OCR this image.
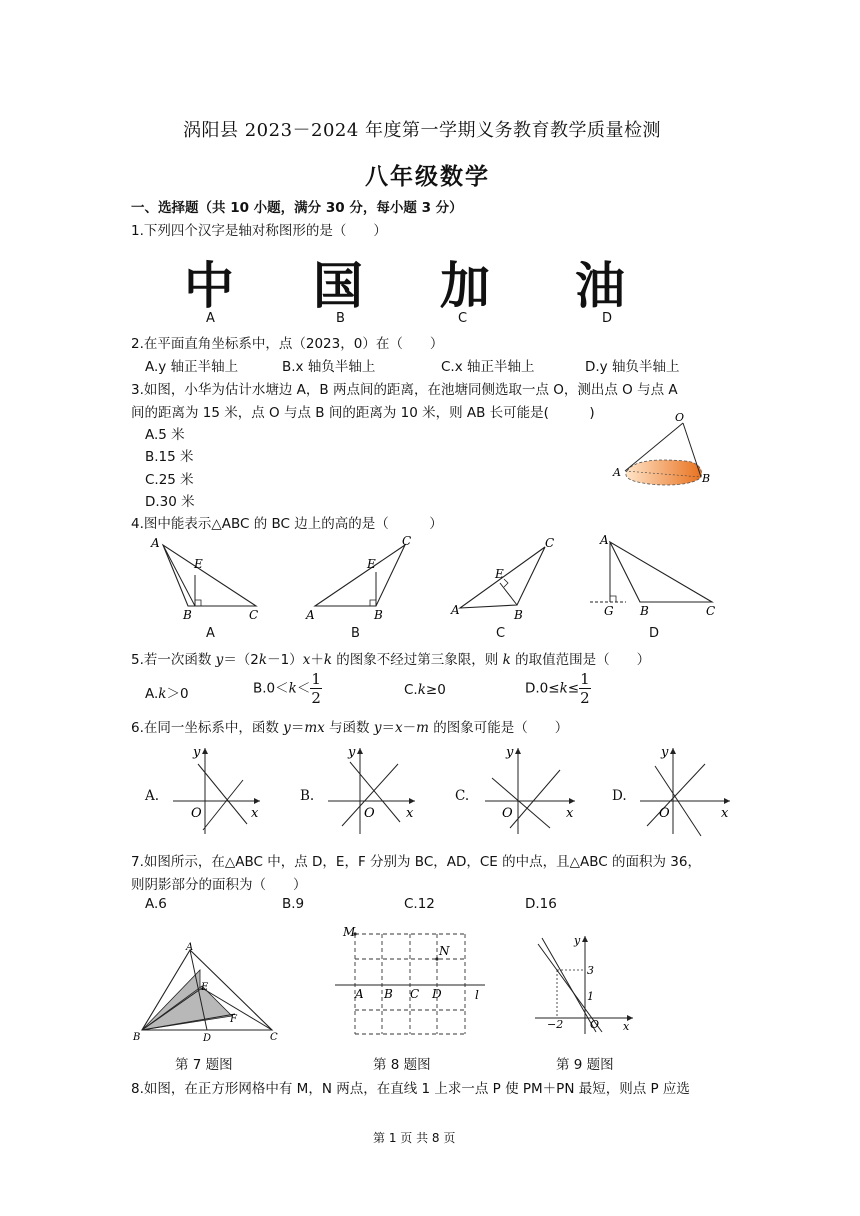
涡阳县 2023－2024 年度第一学期义务教育教学质量检测
八年级数学
一、选择题（共 10 小题，满分 30 分，每小题 3 分）
1.下列四个汉字是轴对称图形的是（　　）
中 国 加 油
A	B	C	D
2.在平面直角坐标系中，点（2023，0）在（　　）
A.y 轴正半轴上	B.x 轴负半轴上	C.x 轴正半轴上	D.y 轴负半轴上
3.如图，小华为估计水塘边 A，B 两点间的距离，在池塘同侧选取一点 O，测出点 O 与点 A
间的距离为 15 米，点 O 与点 B 间的距离为 10 米，则 AB 长可能是(　　　)
A.5 米
B.15 米
C.25 米
D.30 米
O
A	B
4.图中能表示△ABC 的 BC 边上的高的是（　　　）
A
E
B	C	A
E
B
C
A
E
B
C	A
G B	C
A	B	C	D
5.若一次函数 y＝（2k－1）x＋k 的图象不经过第三象限，则 k 的取值范围是（　　）
A.k＞0	$B.0<k< \frac{1}{2}$	C.k≥0	$D.0\le k\le \frac{1}{2}$
6.在同一坐标系中，函数 y＝mx 与函数 y＝x－m 的图象可能是（　　）
A.
y
x
O
B.
y
x
O
C.
y
x
O
D.
y
x
O
7.如图所示，在△ABC 中，点 D，E，F 分别为 BC，AD，CE 的中点，且△ABC 的面积为 36，
则阴影部分的面积为（　　）
A.6	B.9	C.12	D.16
A
E
F
B	D	C
第 7 题图
M
N
A B C D	l
第 8 题图
y
3
1
−2 O x
第 9 题图
8.如图，在正方形网格中有 M，N 两点，在直线 1 上求一点 P 使 PM＋PN 最短，则点 P 应选
第 1 页 共 8 页
